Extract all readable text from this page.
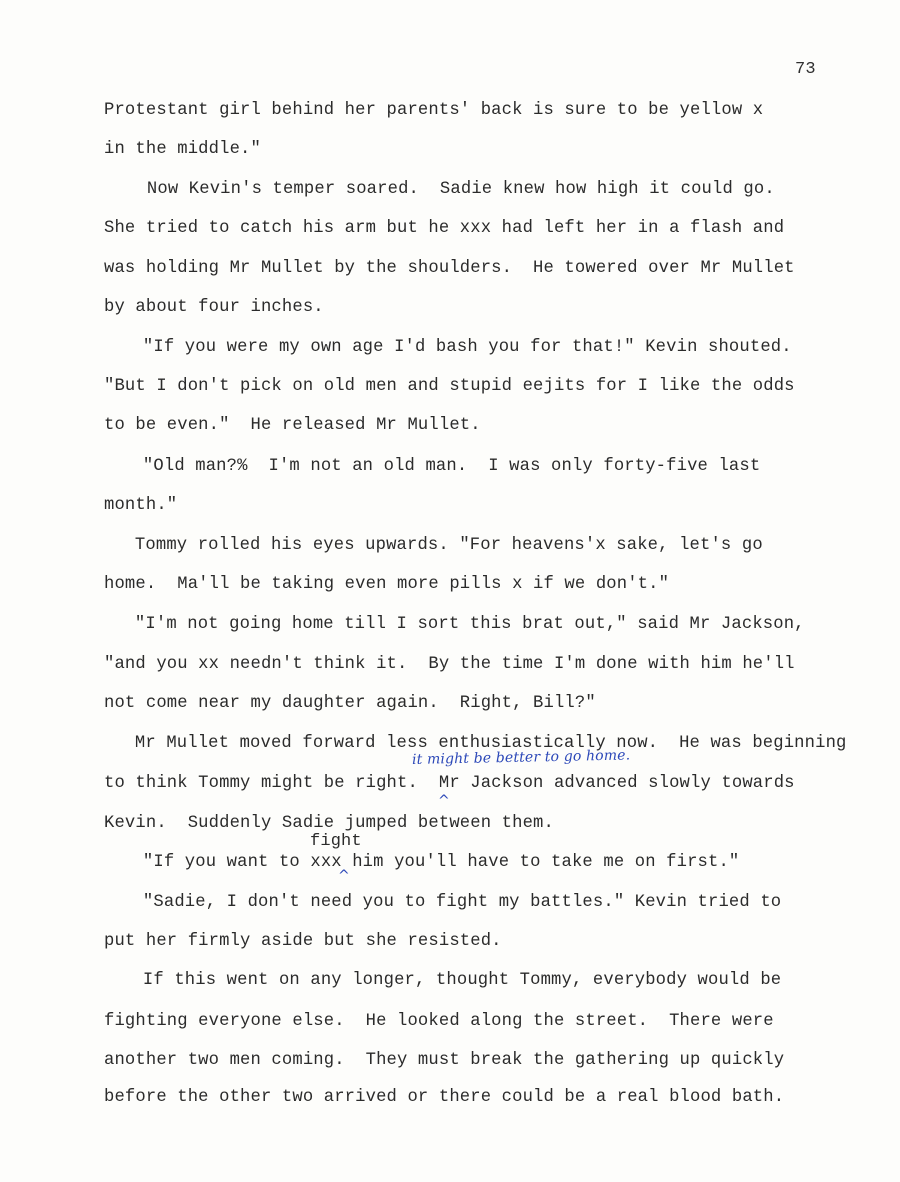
73
Protestant girl behind her parents' back is sure to be yellow x
in the middle."
Now Kevin's temper soared.  Sadie knew how high it could go.
She tried to catch his arm but he xxx had left her in a flash and
was holding Mr Mullet by the shoulders.  He towered over Mr Mullet
by about four inches.
"If you were my own age I'd bash you for that!" Kevin shouted.
"But I don't pick on old men and stupid eejits for I like the odds
to be even."  He released Mr Mullet.
"Old man?%  I'm not an old man.  I was only forty-five last
month."
Tommy rolled his eyes upwards. "For heavens'x sake, let's go
home.  Ma'll be taking even more pills x if we don't."
"I'm not going home till I sort this brat out," said Mr Jackson,
"and you xx needn't think it.  By the time I'm done with him he'll
not come near my daughter again.  Right, Bill?"
Mr Mullet moved forward less enthusiastically now.  He was beginning
it might be better to go home.
to think Tommy might be right.  Mr Jackson advanced slowly towards
^
Kevin.  Suddenly Sadie jumped between them.
fight
"If you want to xxx him you'll have to take me on first."
^
"Sadie, I don't need you to fight my battles." Kevin tried to
put her firmly aside but she resisted.
If this went on any longer, thought Tommy, everybody would be
fighting everyone else.  He looked along the street.  There were
another two men coming.  They must break the gathering up quickly
before the other two arrived or there could be a real blood bath.
